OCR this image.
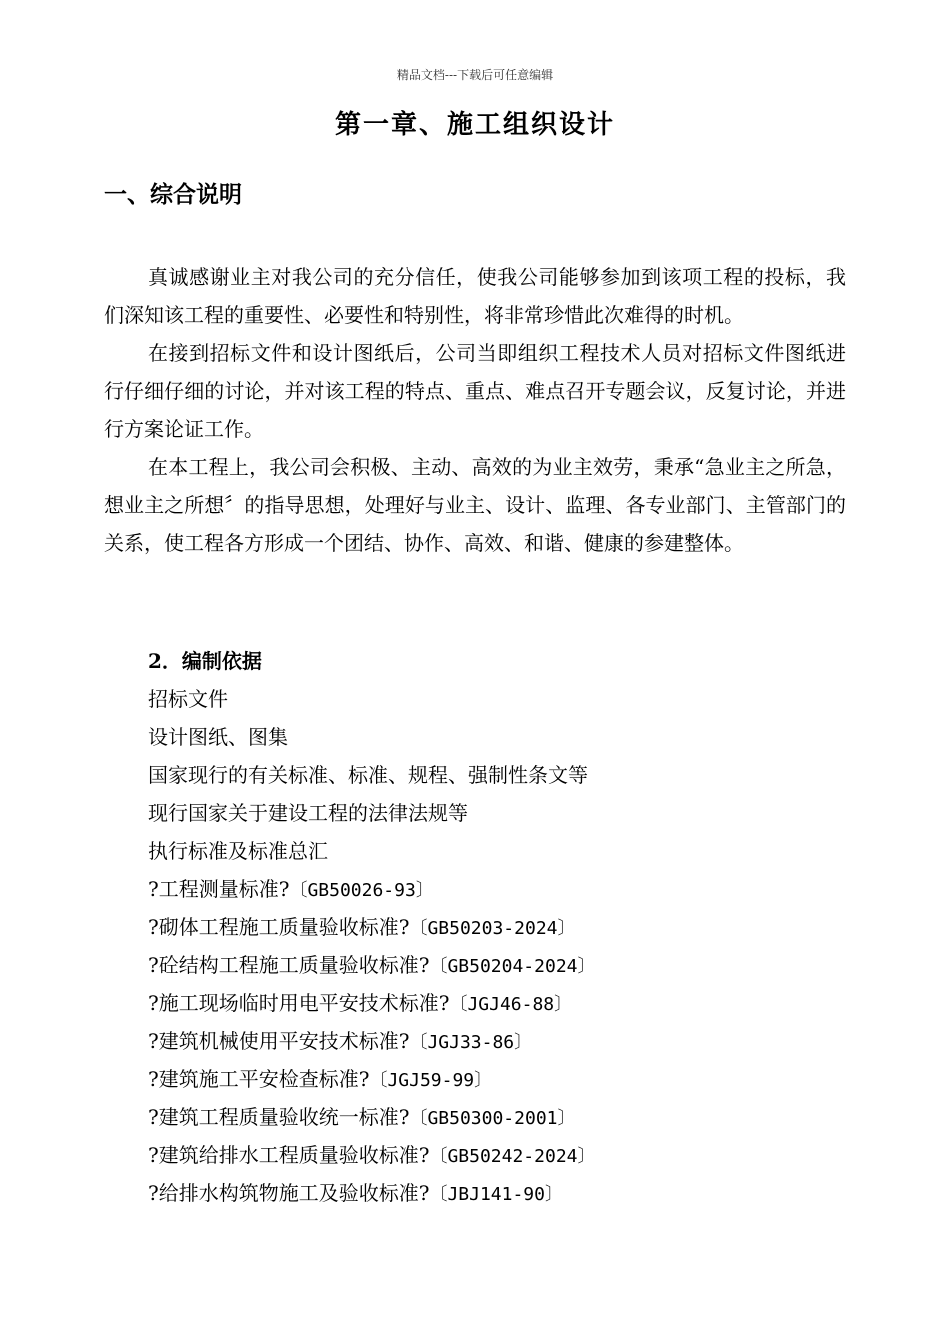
精品文档---下载后可任意编辑
第一章、施工组织设计
一、综合说明

真诚感谢业主对我公司的充分信任，使我公司能够参加到该项工程的投标，我们深知该工程的重要性、必要性和特别性，将非常珍惜此次难得的时机。

在接到招标文件和设计图纸后，公司当即组织工程技术人员对招标文件图纸进行仔细仔细的讨论，并对该工程的特点、重点、难点召开专题会议，反复讨论，并进行方案论证工作。

在本工程上，我公司会积极、主动、高效的为业主效劳，秉承“急业主之所急，想业主之所想〞的指导思想，处理好与业主、设计、监理、各专业部门、主管部门的关系，使工程各方形成一个团结、协作、高效、和谐、健康的参建整体。

2．编制依据
招标文件
设计图纸、图集
国家现行的有关标准、标准、规程、强制性条文等
现行国家关于建设工程的法律法规等
执行标准及标准总汇
?工程测量标准?〔GB50026-93〕
?砌体工程施工质量验收标准?〔GB50203-2024〕
?砼结构工程施工质量验收标准?〔GB50204-2024〕
?施工现场临时用电平安技术标准?〔JGJ46-88〕
?建筑机械使用平安技术标准?〔JGJ33-86〕
?建筑施工平安检查标准?〔JGJ59-99〕
?建筑工程质量验收统一标准?〔GB50300-2001〕
?建筑给排水工程质量验收标准?〔GB50242-2024〕
?给排水构筑物施工及验收标准?〔JBJ141-90〕
